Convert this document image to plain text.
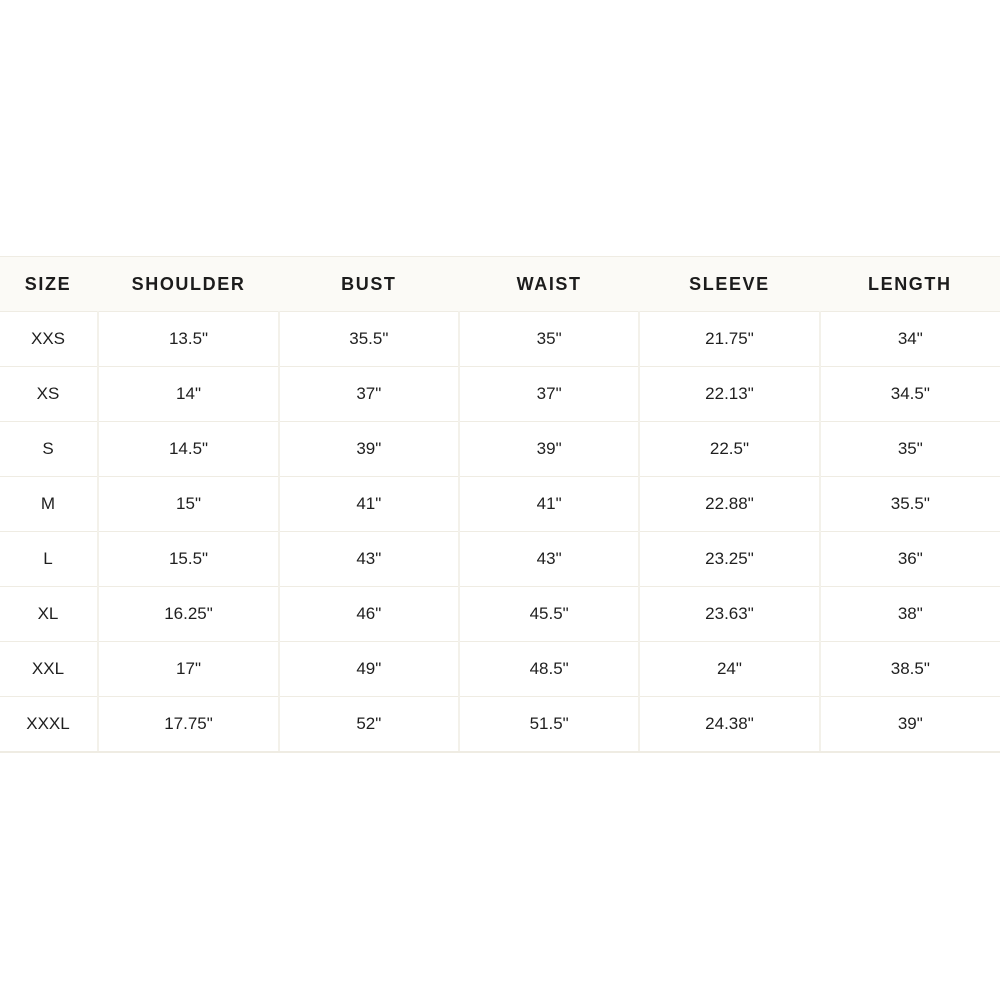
SIZE	SHOULDER	BUST	WAIST	SLEEVE	LENGTH

XXS	13.5"	35.5"	35"	21.75"	34"

XS	14"	37"	37"	22.13"	34.5"

S	14.5"	39"	39"	22.5"	35"

M	15"	41"	41"	22.88"	35.5"

L	15.5"	43"	43"	23.25"	36"

XL	16.25"	46"	45.5"	23.63"	38"

XXL	17"	49"	48.5"	24"	38.5"

XXXL	17.75"	52"	51.5"	24.38"	39"
